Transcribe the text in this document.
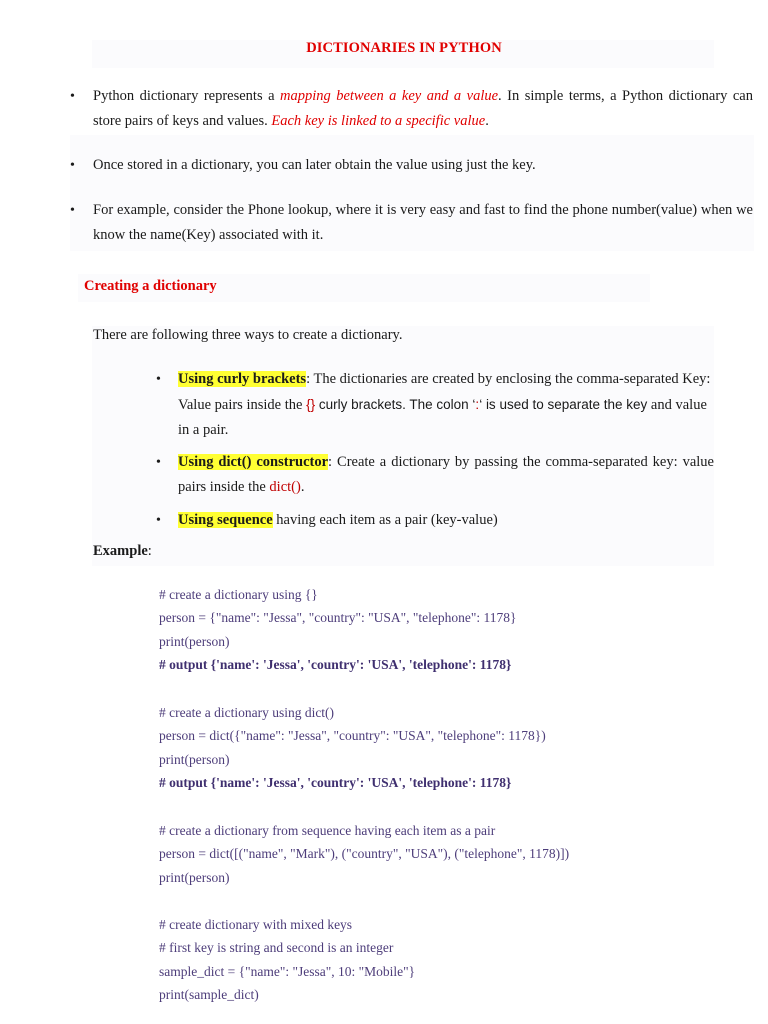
DICTIONARIES IN PYTHON
• Python dictionary represents a mapping between a key and a value. In simple terms, a Python dictionary can store pairs of keys and values. Each key is linked to a specific value.
• Once stored in a dictionary, you can later obtain the value using just the key.
• For example, consider the Phone lookup, where it is very easy and fast to find the phone number(value) when we know the name(Key) associated with it.
Creating a dictionary
There are following three ways to create a dictionary.
• Using curly brackets: The dictionaries are created by enclosing the comma-separated Key: Value pairs inside the {} curly brackets. The colon ‘:‘ is used to separate the key and value in a pair.
• Using dict() constructor: Create a dictionary by passing the comma-separated key: value pairs inside the dict().
• Using sequence having each item as a pair (key-value)
Example:
# create a dictionary using {}
person = {"name": "Jessa", "country": "USA", "telephone": 1178}
print(person)
# output {'name': 'Jessa', 'country': 'USA', 'telephone': 1178}
# create a dictionary using dict()
person = dict({"name": "Jessa", "country": "USA", "telephone": 1178})
print(person)
# output {'name': 'Jessa', 'country': 'USA', 'telephone': 1178}
# create a dictionary from sequence having each item as a pair
person = dict([("name", "Mark"), ("country", "USA"), ("telephone", 1178)])
print(person)
# create dictionary with mixed keys
# first key is string and second is an integer
sample_dict = {"name": "Jessa", 10: "Mobile"}
print(sample_dict)
